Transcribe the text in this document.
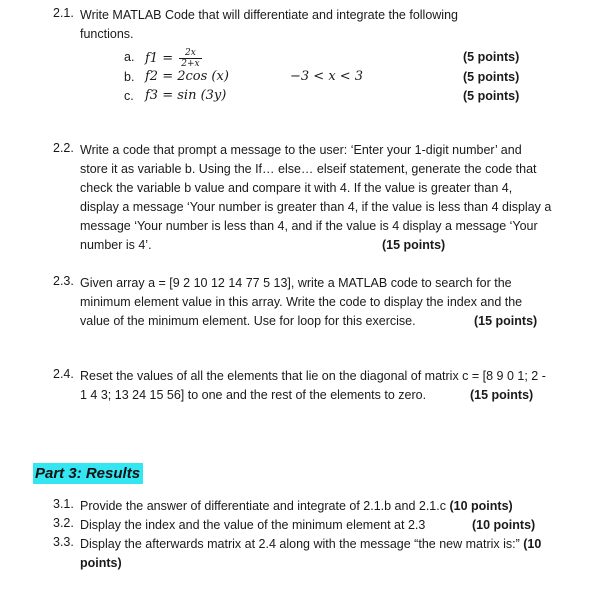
2.1. Write MATLAB Code that will differentiate and integrate the following
functions.
a. $f1 = \frac{2x}{2+x}$	(5 points)
b. f2 = 2cos (x)	−3 < x < 3	(5 points)
c. f3 = sin (3y)	(5 points)
2.2. Write a code that prompt a message to the user: ‘Enter your 1-digit number’ and
store it as variable b. Using the If… else… elseif statement, generate the code that
check the variable b value and compare it with 4. If the value is greater than 4,
display a message ‘Your number is greater than 4, if the value is less than 4 display a
message ‘Your number is less than 4, and if the value is 4 display a message ‘Your
number is 4’.	(15 points)
2.3. Given array a = [9 2 10 12 14 77 5 13], write a MATLAB code to search for the
minimum element value in this array. Write the code to display the index and the
value of the minimum element. Use for loop for this exercise.	(15 points)
2.4. Reset the values of all the elements that lie on the diagonal of matrix c = [8 9 0 1; 2 -
1 4 3; 13 24 15 56] to one and the rest of the elements to zero.	(15 points)
Part 3: Results
3.1. Provide the answer of differentiate and integrate of 2.1.b and 2.1.c (10 points)
3.2. Display the index and the value of the minimum element at 2.3	(10 points)
3.3. Display the afterwards matrix at 2.4 along with the message “the new matrix is:” (10
points)
